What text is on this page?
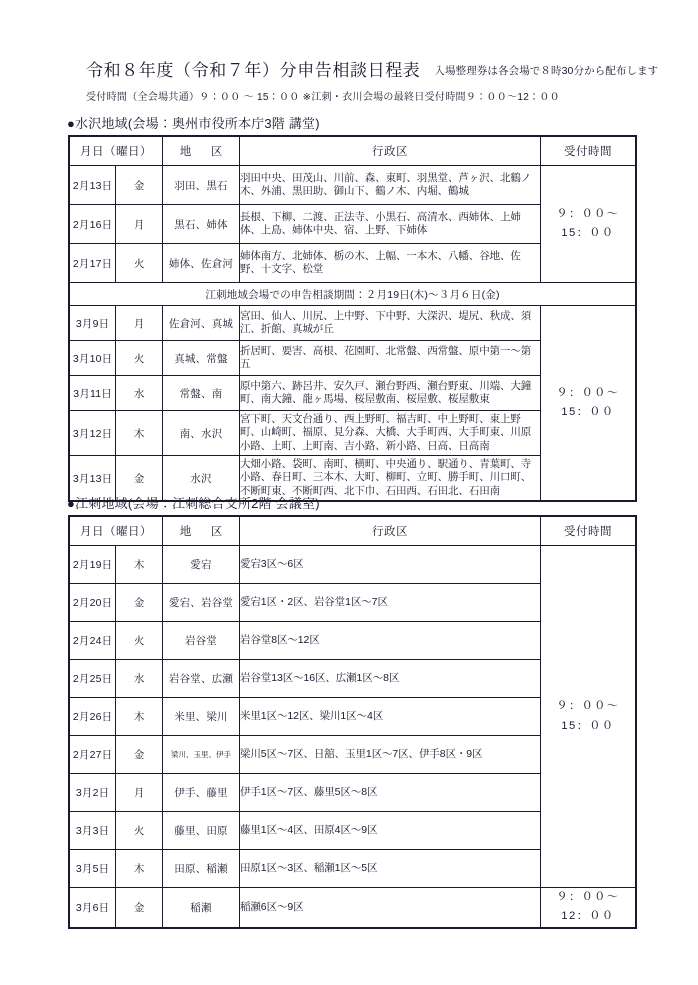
令和８年度（令和７年）分申告相談日程表 入場整理券は各会場で８時30分から配布します
受付時間（全会場共通）９：００ ～ 15：００ ※江刺・衣川会場の最終日受付時間９：００～12：００
●水沢地域(会場：奥州市役所本庁3階 講堂)
月日（曜日）		地　区	行政区	受付時間
2月13日	金	羽田、黒石	羽田中央、田茂山、川前、森、東町、羽黒堂、芦ヶ沢、北鶴ノ木、外浦、黒田助、御山下、鶴ノ木、内堀、鶴城	９：００～
15：００

2月16日	月	黒石、姉体	長根、下柳、二渡、正法寺、小黒石、高清水、西姉体、上姉体、上島、姉体中央、宿、上野、下姉体	
2月17日	火	姉体、佐倉河	姉体南方、北姉体、栃の木、上幅、一本木、八幡、谷地、佐野、十文字、松堂	
江刺地域会場での申告相談期間：２月19日(木)～３月６日(金)				
3月9日	月	佐倉河、真城	宮田、仙人、川尻、上中野、下中野、大深沢、堤尻、秋成、須江、折館、真城が丘	９：００～
15：００

3月10日	火	真城、常盤	折居町、要害、高根、花園町、北常盤、西常盤、原中第一～第五	
3月11日	水	常盤、南	原中第六、跡呂井、安久戸、瀬台野西、瀬台野東、川端、大鐘町、南大鐘、龍ヶ馬場、桜屋敷南、桜屋敷、桜屋敷東	
3月12日	木	南、水沢	宮下町、天文台通り、西上野町、福吉町、中上野町、東上野町、山崎町、福原、見分森、大橋、大手町西、大手町東、川原小路、上町、上町南、吉小路、新小路、日高、日高南	
3月13日	金	水沢	大畑小路、袋町、南町、横町、中央通り、駅通り、青葉町、寺小路、春日町、三本木、大町、柳町、立町、勝手町、川口町、不断町東、不断町西、北下巾、石田西、石田北、石田南	
●江刺地域(会場：江刺総合支所2階 会議室)
月日（曜日）		地　区	行政区	受付時間
2月19日	木	愛宕	愛宕3区～6区	９：００～
15：００

2月20日	金	愛宕、岩谷堂	愛宕1区・2区、岩谷堂1区～7区	
2月24日	火	岩谷堂	岩谷堂8区～12区	
2月25日	水	岩谷堂、広瀬	岩谷堂13区～16区、広瀬1区～8区	
2月26日	木	米里、梁川	米里1区～12区、梁川1区～4区	
2月27日	金	梁川、玉里、伊手	梁川5区～7区、日舘、玉里1区～7区、伊手8区・9区	
3月2日	月	伊手、藤里	伊手1区～7区、藤里5区～8区	
3月3日	火	藤里、田原	藤里1区～4区、田原4区～9区	
3月5日	木	田原、稲瀬	田原1区～3区、稲瀬1区～5区	
3月6日	金	稲瀬	稲瀬6区～9区	９：００～
12：００
